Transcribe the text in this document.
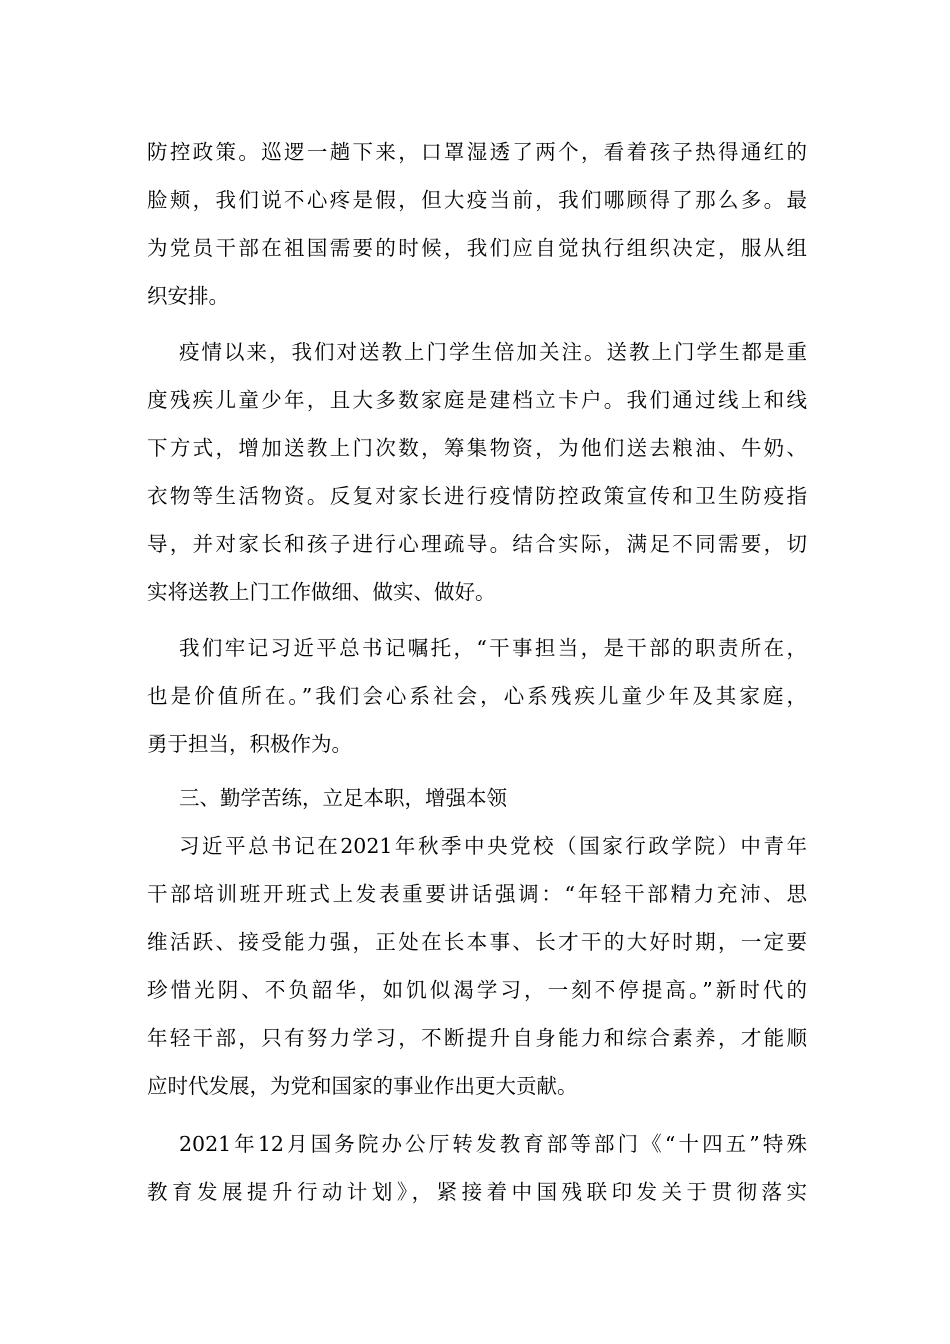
防控政策。巡逻一趟下来，口罩湿透了两个，看着孩子热得通红的
脸颊，我们说不心疼是假，但大疫当前，我们哪顾得了那么多。最
为党员干部在祖国需要的时候，我们应自觉执行组织决定，服从组
织安排。
疫情以来，我们对送教上门学生倍加关注。送教上门学生都是重
度残疾儿童少年，且大多数家庭是建档立卡户。我们通过线上和线
下方式，增加送教上门次数，筹集物资，为他们送去粮油、牛奶、
衣物等生活物资。反复对家长进行疫情防控政策宣传和卫生防疫指
导，并对家长和孩子进行心理疏导。结合实际，满足不同需要，切
实将送教上门工作做细、做实、做好。
我们牢记习近平总书记嘱托，“干事担当，是干部的职责所在，
也是价值所在。”我们会心系社会，心系残疾儿童少年及其家庭，
勇于担当，积极作为。
三、勤学苦练，立足本职，增强本领
习近平总书记在2021年秋季中央党校（国家行政学院）中青年
干部培训班开班式上发表重要讲话强调：“年轻干部精力充沛、思
维活跃、接受能力强，正处在长本事、长才干的大好时期，一定要
珍惜光阴、不负韶华，如饥似渴学习，一刻不停提高。”新时代的
年轻干部，只有努力学习，不断提升自身能力和综合素养，才能顺
应时代发展，为党和国家的事业作出更大贡献。
2021年12月国务院办公厅转发教育部等部门《“十四五”特殊
教育发展提升行动计划》，紧接着中国残联印发关于贯彻落实
